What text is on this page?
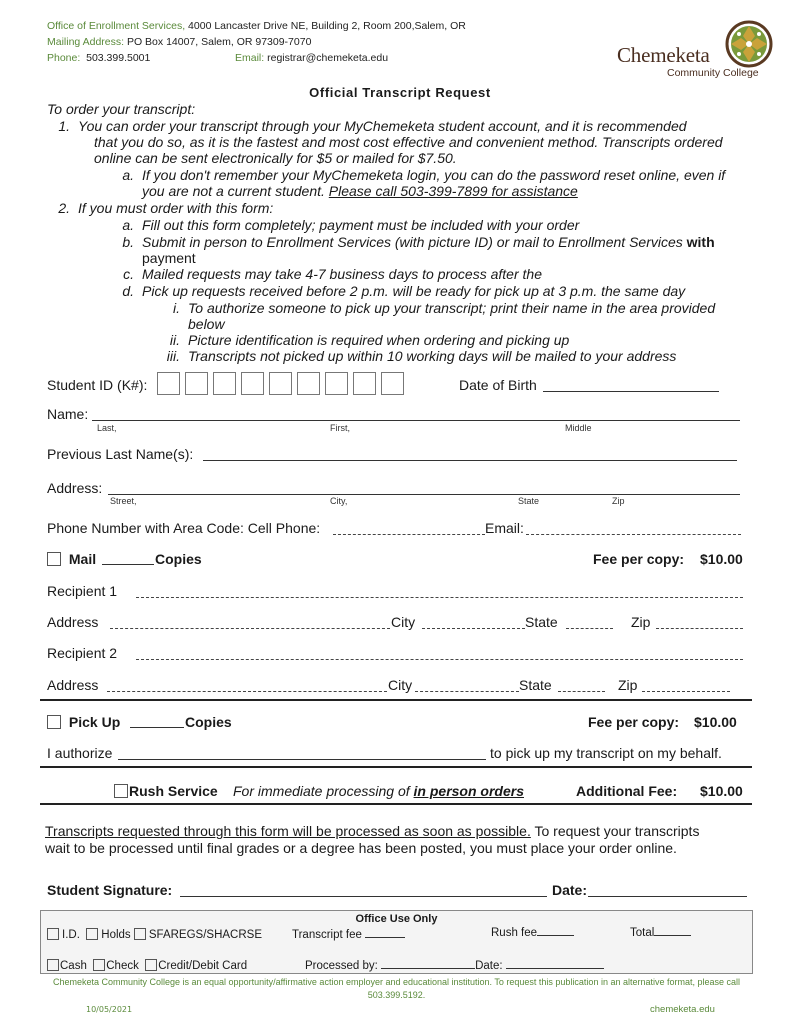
Office of Enrollment Services, 4000 Lancaster Drive NE, Building 2, Room 200,Salem, OR
Mailing Address: PO Box 14007, Salem, OR 97309-7070
Phone: 503.399.5001	Email: registrar@chemeketa.edu	Chemeketa
Community College
Official Transcript Request
To order your transcript:
1. You can order your transcript through your MyChemeketa student account, and it is recommended
that you do so, as it is the fastest and most cost effective and convenient method. Transcripts ordered
online can be sent electronically for $5 or mailed for $7.50.
a. If you don't remember your MyChemeketa login, you can do the password reset online, even if
you are not a current student. Please call 503-399-7899 for assistance
2. If you must order with this form:
a. Fill out this form completely; payment must be included with your order
b. Submit in person to Enrollment Services (with picture ID) or mail to Enrollment Services with
payment
c. Mailed requests may take 4-7 business days to process after the
d. Pick up requests received before 2 p.m. will be ready for pick up at 3 p.m. the same day
i. To authorize someone to pick up your transcript; print their name in the area provided
below
ii. Picture identification is required when ordering and picking up
iii. Transcripts not picked up within 10 working days will be mailed to your address
Student ID (K#):	Date of Birth
Name:
Last,	First,	Middle
Previous Last Name(s):
Address:
Street,	City,	State	Zip
Phone Number with Area Code: Cell Phone:	Email:
Mail	Copies	Fee per copy: $10.00
Recipient 1
Address	City	State	Zip
Recipient 2
Address	City	State	Zip
Pick Up	Copies	Fee per copy: $10.00
I authorize	to pick up my transcript on my behalf.
Rush Service For immediate processing of in person orders	Additional Fee: $10.00
Transcripts requested through this form will be processed as soon as possible. To request your transcripts
wait to be processed until final grades or a degree has been posted, you must place your order online.
Student Signature:	Date:
Office Use Only
I.D. Holds SFAREGS/SHACRSE	Transcript fee	Rush fee	Total
Cash Check Credit/Debit Card	Processed by:	Date:
Chemeketa Community College is an equal opportunity/affirmative action employer and educational institution. To request this publication in an alternative format, please call
503.399.5192.
10/05/2021	chemeketa.edu
